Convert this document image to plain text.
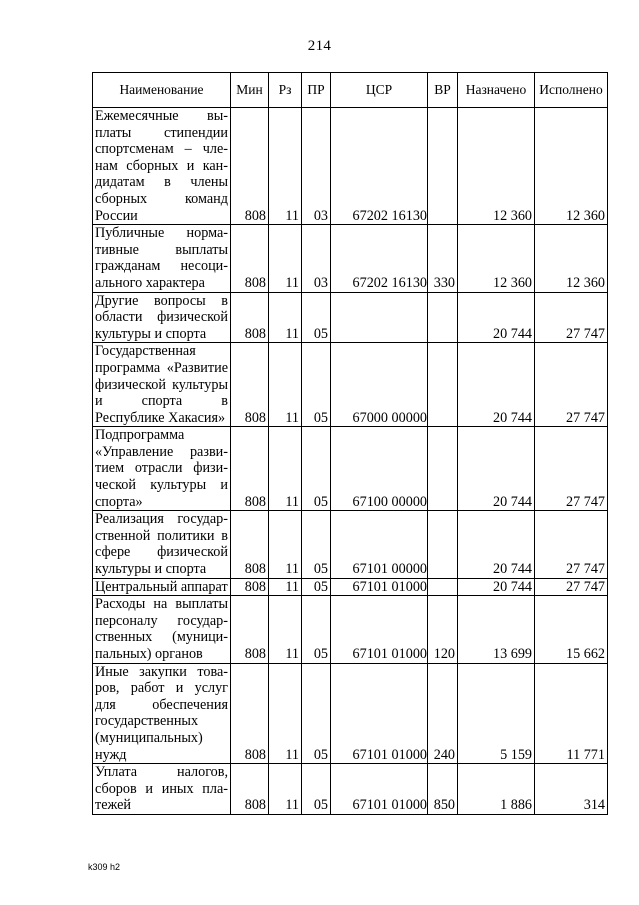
214
Наименование	Мин	Рз	ПР	ЦСР	ВР	Назначено	Исполнено
Ежемесячные выплаты стипендии спортсменам – членам сборных и кандидатам в члены сборных команд России	808	11	03	67202 16130		12 360	12 360
Публичные нормативные выплаты гражданам несоциального характера	808	11	03	67202 16130	330	12 360	12 360
Другие вопросы в области физической культуры и спорта	808	11	05			20 744	27 747
Государственная программа «Развитие физической культуры и спорта в Республике Хакасия»	808	11	05	67000 00000		20 744	27 747
Подпрограмма «Управление развитием отрасли физической культуры и спорта»	808	11	05	67100 00000		20 744	27 747
Реализация государственной политики в сфере физической культуры и спорта	808	11	05	67101 00000		20 744	27 747
Центральный аппарат	808	11	05	67101 01000		20 744	27 747
Расходы на выплаты персоналу государственных (муниципальных) органов	808	11	05	67101 01000	120	13 699	15 662
Иные закупки товаров, работ и услуг для обеспечения государственных (муниципальных) нужд	808	11	05	67101 01000	240	5 159	11 771
Уплата налогов, сборов и иных платежей	808	11	05	67101 01000	850	1 886	314
k309 h2
